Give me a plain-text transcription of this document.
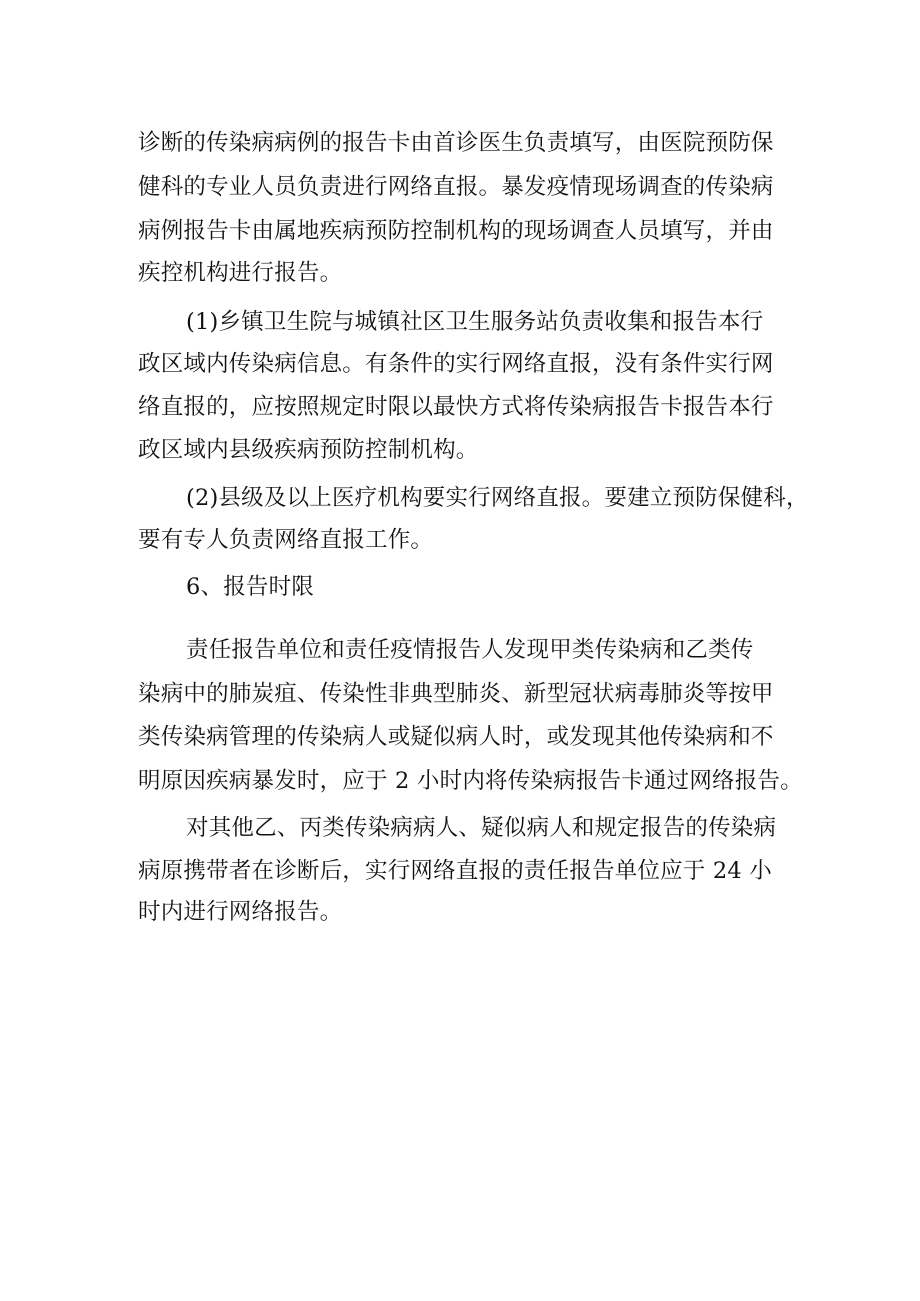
诊断的传染病病例的报告卡由首诊医生负责填写，由医院预防保
健科的专业人员负责进行网络直报。暴发疫情现场调查的传染病
病例报告卡由属地疾病预防控制机构的现场调查人员填写，并由
疾控机构进行报告。
(1)乡镇卫生院与城镇社区卫生服务站负责收集和报告本行
政区域内传染病信息。有条件的实行网络直报，没有条件实行网
络直报的，应按照规定时限以最快方式将传染病报告卡报告本行
政区域内县级疾病预防控制机构。
(2)县级及以上医疗机构要实行网络直报。要建立预防保健科，
要有专人负责网络直报工作。
6、报告时限
责任报告单位和责任疫情报告人发现甲类传染病和乙类传
染病中的肺炭疽、传染性非典型肺炎、新型冠状病毒肺炎等按甲
类传染病管理的传染病人或疑似病人时，或发现其他传染病和不
明原因疾病暴发时，应于 2 小时内将传染病报告卡通过网络报告。
对其他乙、丙类传染病病人、疑似病人和规定报告的传染病
病原携带者在诊断后，实行网络直报的责任报告单位应于 24 小
时内进行网络报告。
